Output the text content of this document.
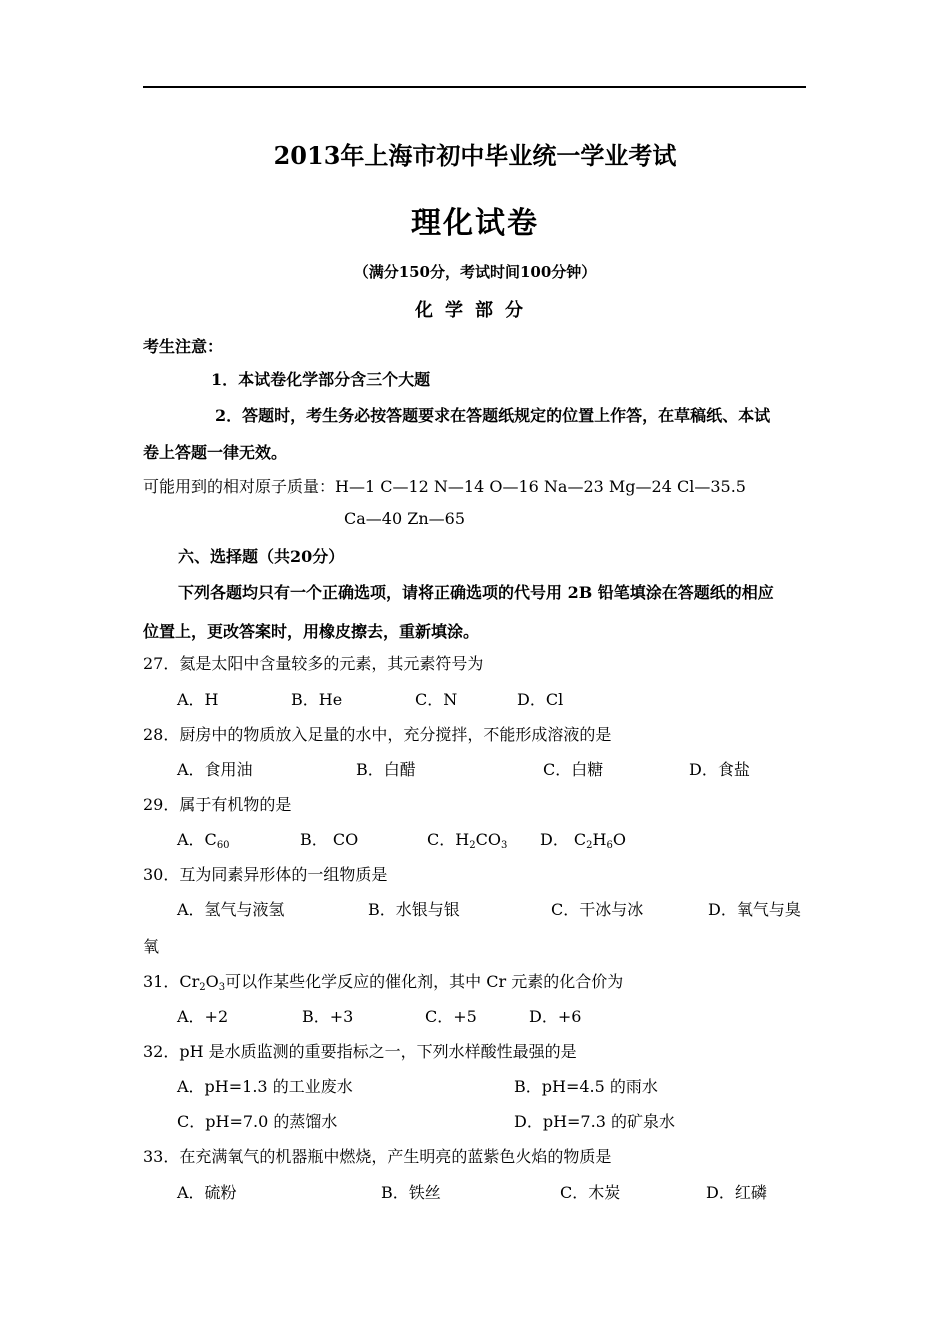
2013年上海市初中毕业统一学业考试
理化试卷
（满分150分，考试时间100分钟）
化学部分
考生注意：
1．本试卷化学部分含三个大题
2．答题时，考生务必按答题要求在答题纸规定的位置上作答，在草稿纸、本试
卷上答题一律无效。
可能用到的相对原子质量：H—1 C—12 N—14 O—16 Na—23 Mg—24 Cl—35.5
Ca—40 Zn—65
六、选择题（共20分）
下列各题均只有一个正确选项，请将正确选项的代号用 2B 铅笔填涂在答题纸的相应
位置上，更改答案时，用橡皮擦去，重新填涂。
27．氦是太阳中含量较多的元素，其元素符号为
A．H	B．He	C．N	D．Cl
28．厨房中的物质放入足量的水中，充分搅拌，不能形成溶液的是
A．食用油	B．白醋	C．白糖	D．食盐
29．属于有机物的是
A．$C_{60}$	B． CO	C．$H_2CO_3$ D． $C_2H_6O$
30．互为同素异形体的一组物质是
A．氢气与液氢	B．水银与银	C．干冰与冰	D．氧气与臭
氧
31．$Cr_2O_3$可以作某些化学反应的催化剂，其中 Cr 元素的化合价为
A．+2	B．+3	C．+5	D．+6
32．pH 是水质监测的重要指标之一，下列水样酸性最强的是
A．pH=1.3 的工业废水	B．pH=4.5 的雨水
C．pH=7.0 的蒸馏水	D．pH=7.3 的矿泉水
33．在充满氧气的机器瓶中燃烧，产生明亮的蓝紫色火焰的物质是
A．硫粉	B．铁丝	C．木炭	D．红磷
